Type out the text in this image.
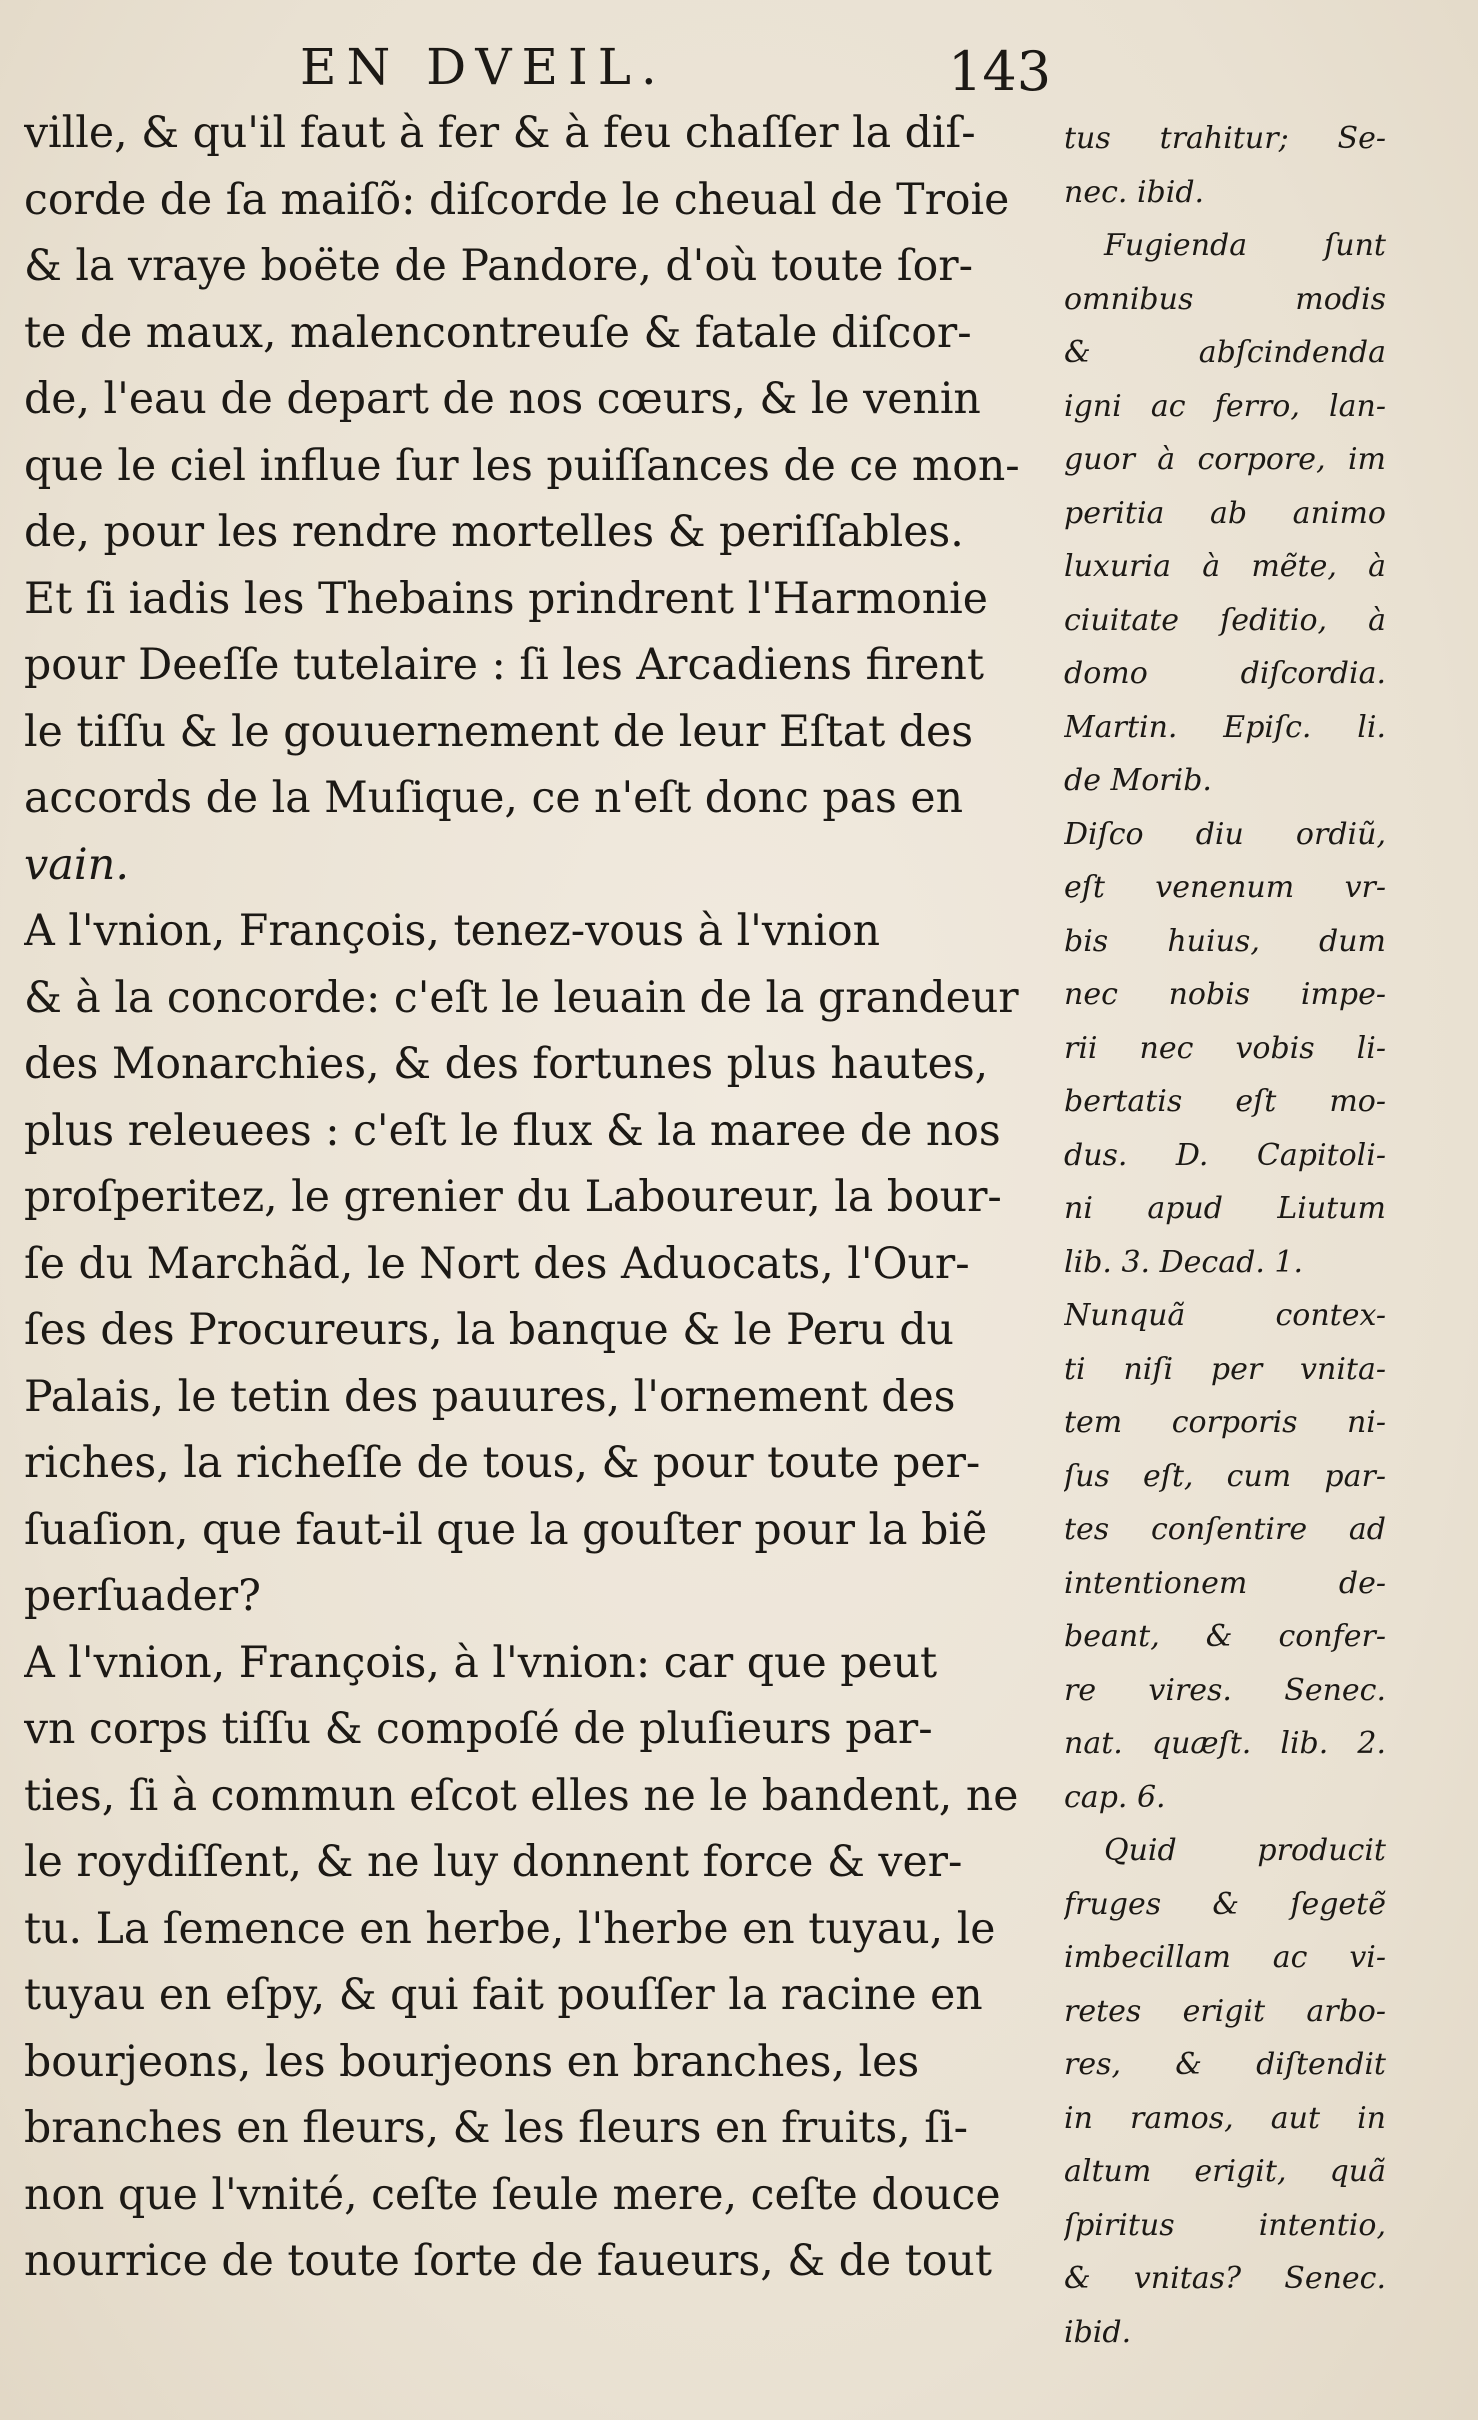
EN DVEIL.	143
ville, & qu'il faut à fer & à feu chaſſer la diſ-
corde de ſa maiſõ: diſcorde le cheual de Troie
& la vraye boëte de Pandore, d'où toute ſor-
te de maux, malencontreuſe & fatale diſcor-
de, l'eau de depart de nos cœurs, & le venin
que le ciel influe ſur les puiſſances de ce mon-
de, pour les rendre mortelles & periſſables.
Et ſi iadis les Thebains prindrent l'Harmonie
pour Deeſſe tutelaire : ſi les Arcadiens firent
le tiſſu & le gouuernement de leur Eſtat des
accords de la Muſique, ce n'eſt donc pas en
vain.
A l'vnion, François, tenez-vous à l'vnion
& à la concorde: c'eſt le leuain de la grandeur
des Monarchies, & des fortunes plus hautes,
plus releuees : c'eſt le flux & la maree de nos
proſperitez, le grenier du Laboureur, la bour-
ſe du Marchãd, le Nort des Aduocats, l'Our-
ſes des Procureurs, la banque & le Peru du
Palais, le tetin des pauures, l'ornement des
riches, la richeſſe de tous, & pour toute per-
ſuaſion, que faut-il que la gouſter pour la biẽ
perſuader?
A l'vnion, François, à l'vnion: car que peut
vn corps tiſſu & compoſé de pluſieurs par-
ties, ſi à commun eſcot elles ne le bandent, ne
le roydiſſent, & ne luy donnent force & ver-
tu. La ſemence en herbe, l'herbe en tuyau, le
tuyau en eſpy, & qui fait pouſſer la racine en
bourjeons, les bourjeons en branches, les
branches en fleurs, & les fleurs en fruits, ſi-
non que l'vnité, ceſte ſeule mere, ceſte douce
nourrice de toute ſorte de faueurs, & de tout
tus trahitur; Se-
nec. ibid.
Fugienda ſunt
omnibus modis
& abſcindenda
igni ac ferro, lan-
guor à corpore, im
peritia ab animo
luxuria à mẽte, à
ciuitate ſeditio, à
domo diſcordia.
Martin. Epiſc. li.
de Morib.
Diſco diu ordiũ,
eſt venenum vr-
bis huius, dum
nec nobis impe-
rii nec vobis li-
bertatis eſt mo-
dus. D. Capitoli-
ni apud Liutum
lib. 3. Decad. 1.
Nunquã contex-
ti niſi per vnita-
tem corporis ni-
ſus eſt, cum par-
tes conſentire ad
intentionem de-
beant, & confer-
re vires. Senec.
nat. quæſt. lib. 2.
cap. 6.
Quid producit
fruges & ſegetẽ
imbecillam ac vi-
retes erigit arbo-
res, & diſtendit
in ramos, aut in
altum erigit, quã
ſpiritus intentio,
& vnitas? Senec.
ibid.
